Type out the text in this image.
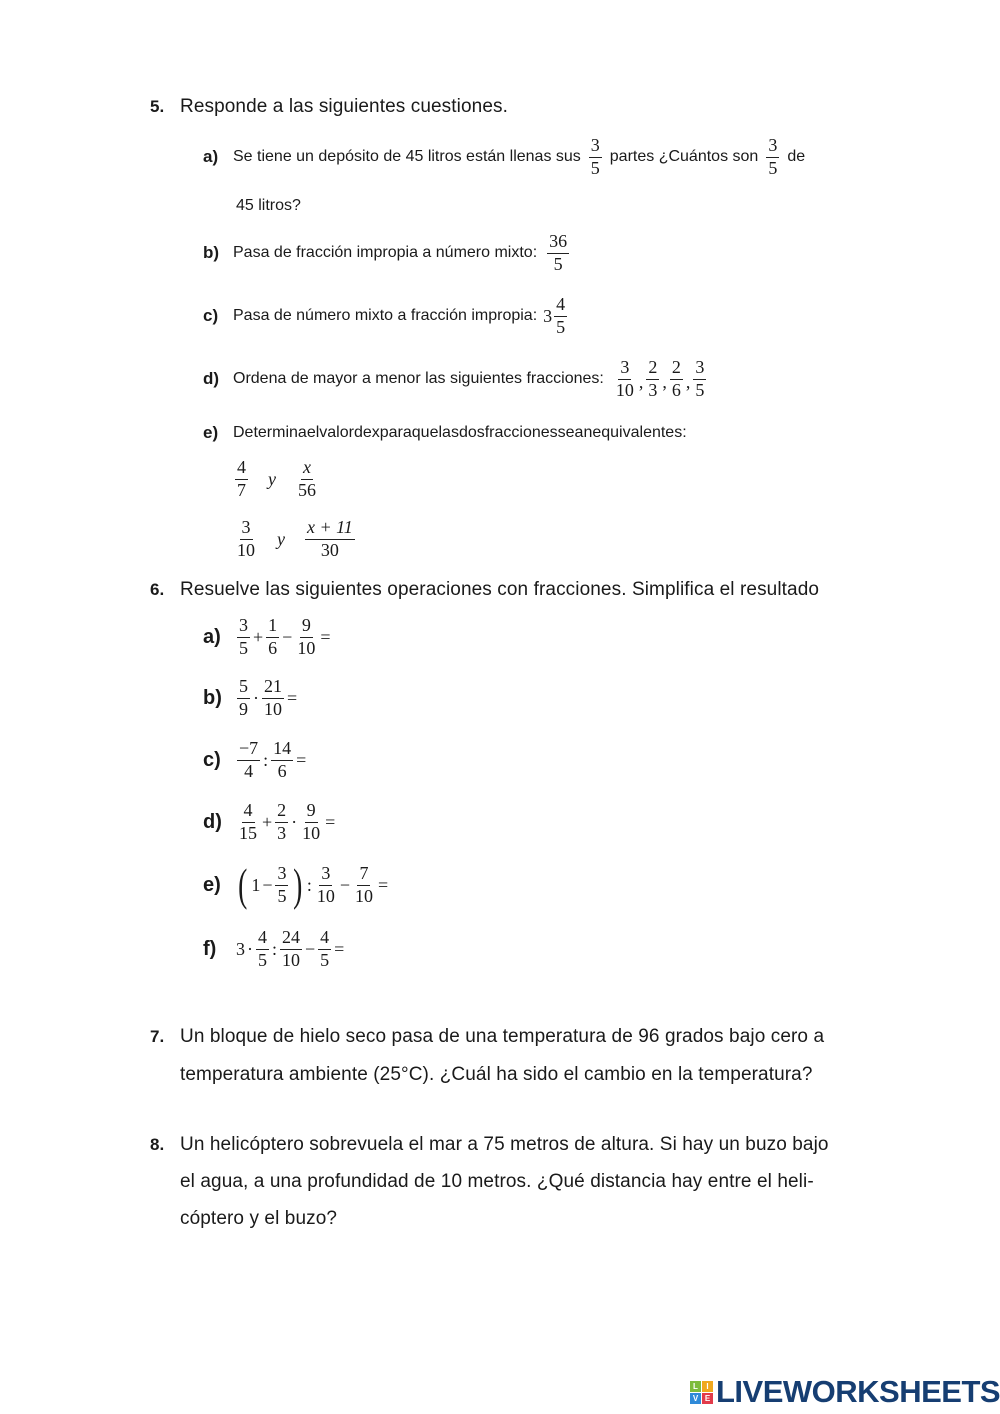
5. Responde a las siguientes cuestiones.
a) Se tiene un depósito de 45 litros están llenas sus $\frac{3}{5}$ partes ¿Cuántos son $\frac{3}{5}$ de
45 litros?
b) Pasa de fracción impropia a número mixto: $\frac{36}{5}$
c) Pasa de número mixto a fracción impropia: $3 \frac{4}{5}$
d) Ordena de mayor a menor las siguientes fracciones: $\frac{3}{10}$ , $\frac{2}{3}$ , $\frac{2}{6}$ , $\frac{3}{5}$
e) Determinaelvalordexparaquelasdosfraccionesseanequivalentes:
$\frac{4}{7}$ y $\frac{x}{56}$
$\frac{3}{10}$ y $\frac{x + 11}{30}$
6. Resuelve las siguientes operaciones con fracciones. Simplifica el resultado
$a) \frac{3}{5} + \frac{1}{6} - \frac{9}{10}$ =
$b) \frac{5}{9} \cdot \frac{21}{10}$ =
$c) \frac{-7}{4}$ : $\frac{14}{6}$ =
$d) \frac{4}{15} + \frac{2}{3} \cdot \frac{9}{10}$ =
e) ( $1 - \frac{3}{5}$ ) : $\frac{3}{10} - \frac{7}{10}$ =
f)	$3 \cdot \frac{4}{5}$ : $\frac{24}{10} - \frac{4}{5}$ =
7. Un bloque de hielo seco pasa de una temperatura de 96 grados bajo cero a
temperatura ambiente (25°C). ¿Cuál ha sido el cambio en la temperatura?
8. Un helicóptero sobrevuela el mar a 75 metros de altura. Si hay un buzo bajo
el agua, a una profundidad de 10 metros. ¿Qué distancia hay entre el heli-
cóptero y el buzo?
L	I
V E LIVEWORKSHEETS
